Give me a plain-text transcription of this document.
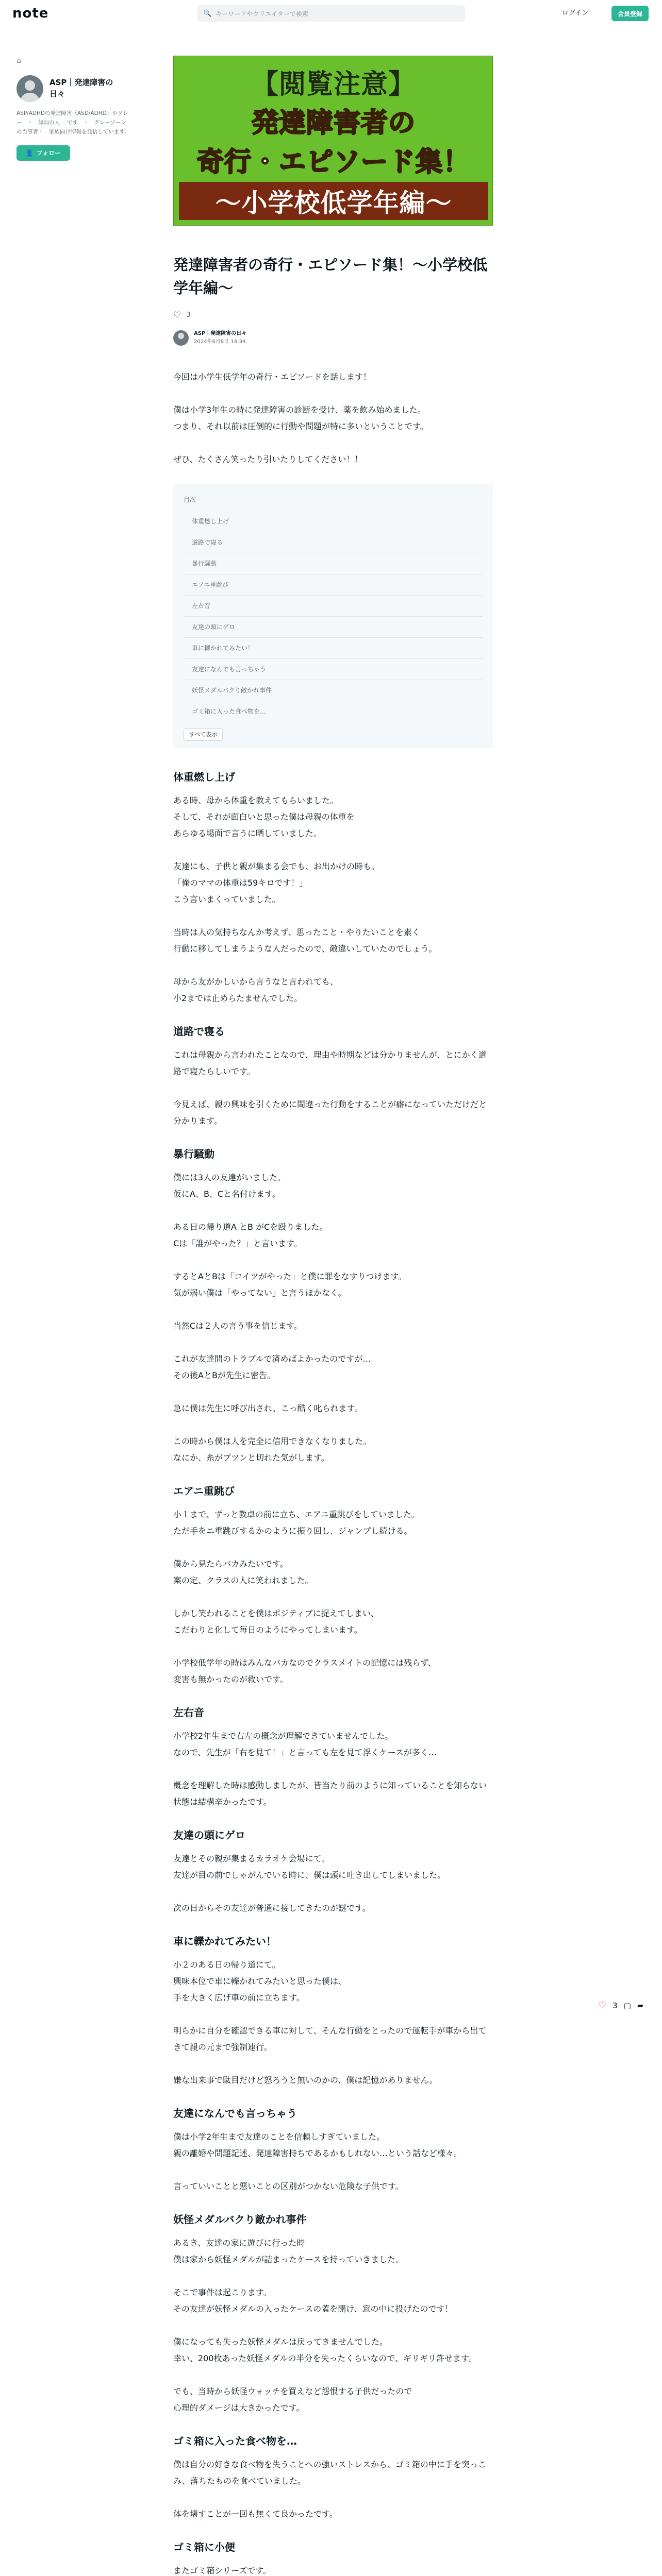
note	🔍 キーワードやクリエイターで検索	ログイン	会員登録
⌂
ASP｜発達障害の日々
ASP/ADHDの発達障害（ASD/ADHD）やグレー　・　傾向の人 　です　・　グレーゾーンの当事者・　家族向け情報を発信しています。
👤 フォロー
【閲覧注意】
発達障害者の
奇行・エピソード集！
～小学校低学年編～
発達障害者の奇行・エピソード集！〜小学校低学年編〜
♡ 3
ASP｜発達障害の日々
2024年6月8日 14:34

今回は小学生低学年の奇行・エピソードを話します！

僕は小学3年生の時に発達障害の診断を受け、薬を飲み始めました。
つまり、それ以前は圧倒的に行動や問題が特に多いということです。

ぜひ、たくさん笑ったり引いたりしてください！！

目次
体重燃し上げ
道路で寝る
暴行騒動
エアニ重跳び
左右音
友達の頭にゲロ
車に轢かれてみたい！
友達になんでも言っちゃう
妖怪メダルバクり敵かれ事件
ゴミ箱に入った食べ物を…
すべて表示
体重燃し上げ

ある時、母から体重を教えてもらいました。
そして、それが面白いと思った僕は母親の体重を
あらゆる場面で言うに晒していました。

友達にも、子供と親が集まる会でも、お出かけの時も。
「俺のママの体重は59キロです！」
こう言いまくっていました。

当時は人の気持ちなんか考えず、思ったこと・やりたいことを素く
行動に移してしまうような人だったので、敵違いしていたのでしょう。

母から友がかしいから言うなと言われても、
小2までは止めらたませんでした。

道路で寝る

これは母親から言われたことなので、理由や時期などは分かりませんが、とにかく道路で寝たらしいです。

今見えば、親の興味を引くために間違った行動をすることが癖になっていただけだと分かります。

暴行騒動

僕には3人の友達がいました。
仮にA、B、Cと名付けます。

ある日の帰り道A とB がCを殴りました。
Cは「誰がやった？」と言います。

するとAとBは「コイツがやった」と僕に罪をなすりつけます。
気が弱い僕は「やってない」と言うほかなく。

当然Cは２人の言う事を信じます。

これが友達間のトラブルで済めばよかったのですが…
その後AとBが先生に密告。

急に僕は先生に呼び出され、こっ酷く叱られます。

この時から僕は人を完全に信用できなくなりました。
なにか、糸がプツンと切れた気がします。

エアニ重跳び

小１まで、ずっと教卓の前に立ち、エアニ重跳びをしていました。
ただ手をニ重跳びするかのように振り回し、ジャンプし続ける。

僕から見たらバカみたいです。
案の定、クラスの人に笑われました。

しかし笑われることを僕はポジティブに捉えてしまい、
こだわりと化して毎日のようにやってしまいます。

小学校低学年の時はみんなバカなのでクラスメイトの記憶には残らず、
変害も無かったのが救いです。

左右音

小学校2年生まで右左の概念が理解できていませんでした。
なので、先生が「右を見て！」と言っても左を見て浮くケースが多く…

概念を理解した時は感動しましたが、皆当たり前のように知っていることを知らない状態は結構辛かったです。

友達の頭にゲロ

友達とその親が集まるカラオケ会場にて。
友達が目の前でしゃがんでいる時に、僕は頭に吐き出してしまいました。

次の日からその友達が普通に接してきたのが謎です。

車に轢かれてみたい！

小２のある日の帰り道にて。
興味本位で車に轢かれてみたいと思った僕は、
手を大きく広げ車の前に立ちます。

明らかに自分を確認できる車に対して、そんな行動をとったので運転手が車から出てきて親の元まで強制連行。

嫌な出来事で駄目だけど怒ろうと無いのかの、僕は記憶がありません。

友達になんでも言っちゃう

僕は小学2年生まで友達のことを信頼しすぎていました。
親の離婚や問題記述、発達障害持ちであるかもしれない…という話など様々。

言っていいことと悪いことの区別がつかない危険な子供です。

妖怪メダルバクり敵かれ事件

あるき、友達の家に遊びに行った時
僕は家から妖怪メダルが詰まったケースを持っていきました。

そこで事件は起こります。
その友達が妖怪メダルの入ったケースの蓋を開け、窓の中に投げたのです！

僕になっても失った妖怪メダルは戻ってきませんでした。
幸い、200枚あった妖怪メダルの半分を失ったくらいなので、ギリギリ許せます。

でも、当時から妖怪ウォッチを買えなど怨恨する子供だったので
心理的ダメージは大きかったです。

ゴミ箱に入った食べ物を…

僕は自分の好きな食べ物を失うことへの強いストレスから、ゴミ箱の中に手を突っこみ、落ちたものを食べていました。

体を壊すことが一回も無くて良かったです。

ゴミ箱に小便

またゴミ箱シリーズです。

♡ 3 ▢ ➦
